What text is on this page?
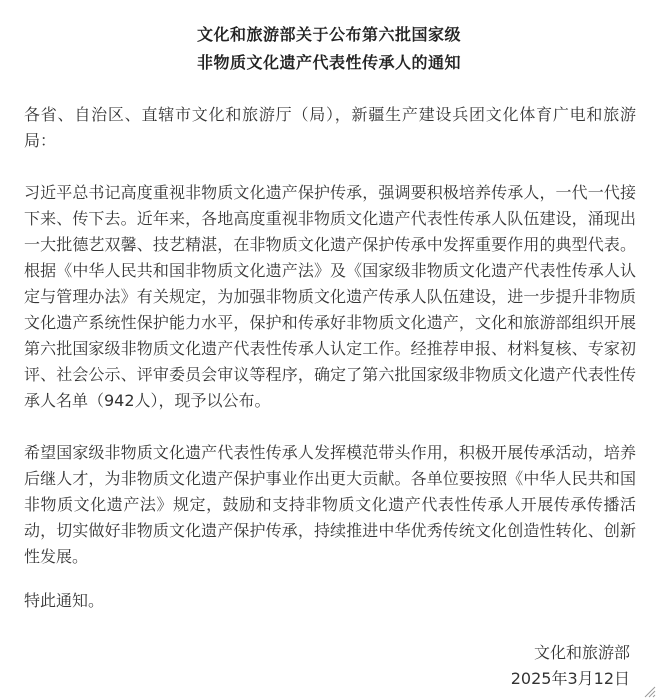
文化和旅游部关于公布第六批国家级
非物质文化遗产代表性传承人的通知

各省、自治区、直辖市文化和旅游厅（局），新疆生产建设兵团文化体育广电和旅游局：

习近平总书记高度重视非物质文化遗产保护传承，强调要积极培养传承人，一代一代接下来、传下去。近年来，各地高度重视非物质文化遗产代表性传承人队伍建设，涌现出一大批德艺双馨、技艺精湛，在非物质文化遗产保护传承中发挥重要作用的典型代表。根据《中华人民共和国非物质文化遗产法》及《国家级非物质文化遗产代表性传承人认定与管理办法》有关规定，为加强非物质文化遗产传承人队伍建设，进一步提升非物质文化遗产系统性保护能力水平，保护和传承好非物质文化遗产，文化和旅游部组织开展第六批国家级非物质文化遗产代表性传承人认定工作。经推荐申报、材料复核、专家初评、社会公示、评审委员会审议等程序，确定了第六批国家级非物质文化遗产代表性传承人名单（942人），现予以公布。

希望国家级非物质文化遗产代表性传承人发挥模范带头作用，积极开展传承活动，培养后继人才，为非物质文化遗产保护事业作出更大贡献。各单位要按照《中华人民共和国非物质文化遗产法》规定，鼓励和支持非物质文化遗产代表性传承人开展传承传播活动，切实做好非物质文化遗产保护传承，持续推进中华优秀传统文化创造性转化、创新性发展。

特此通知。

文化和旅游部
2025年3月12日
